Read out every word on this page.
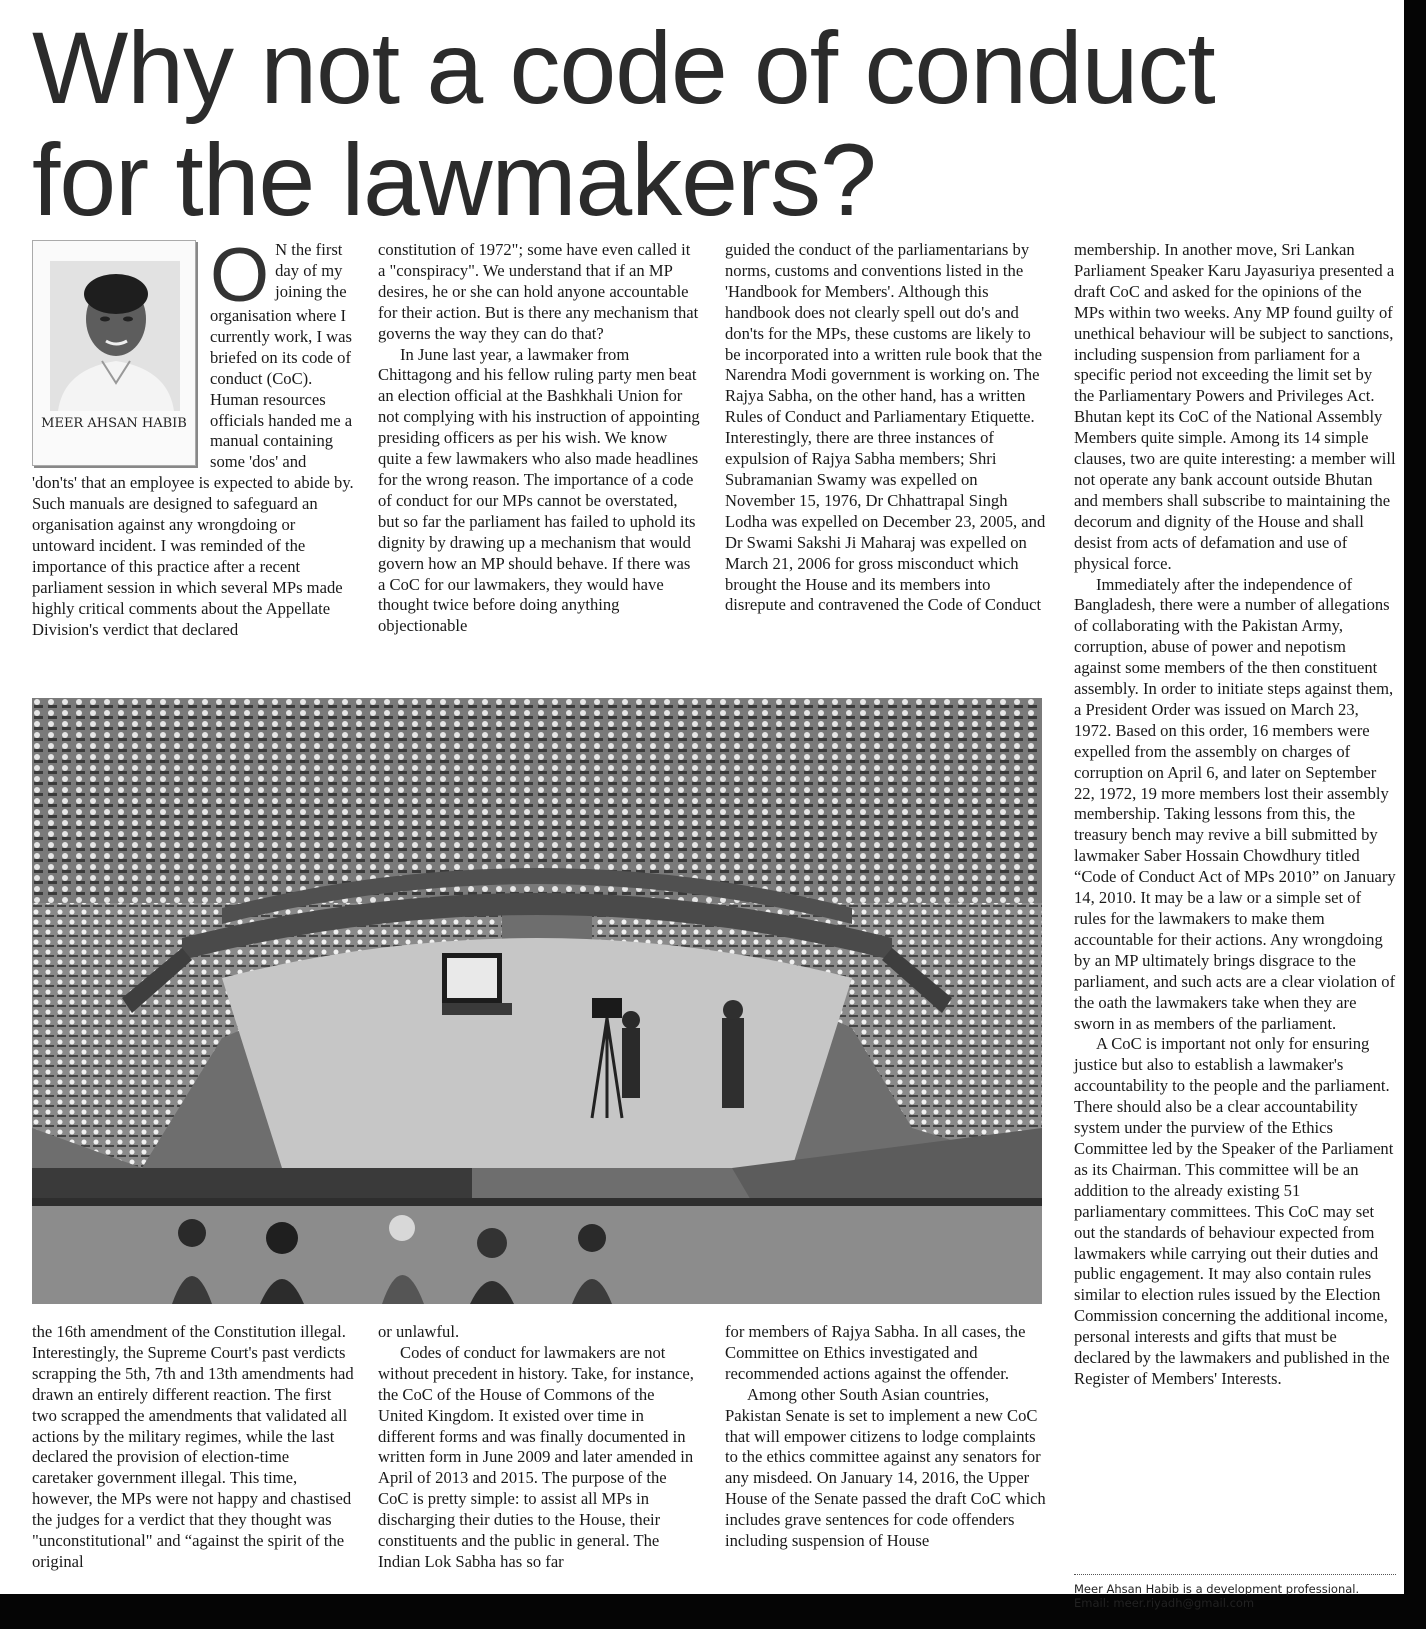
Why not a code of conduct for the lawmakers?
MEER AHSAN HABIB
O N the first day of my joining the organisation where I currently work, I was briefed on its code of conduct (CoC). Human resources officials handed me a manual containing some 'dos' and 'don'ts' that an employee is expected to abide by. Such manuals are designed to safeguard an organisation against any wrongdoing or untoward incident. I was reminded of the importance of this practice after a recent parliament session in which several MPs made highly critical comments about the Appellate Division's verdict that declared

constitution of 1972"; some have even called it a "conspiracy". We understand that if an MP desires, he or she can hold anyone accountable for their action. But is there any mechanism that governs the way they can do that?

In June last year, a lawmaker from Chittagong and his fellow ruling party men beat an election official at the Bashkhali Union for not complying with his instruction of appointing presiding officers as per his wish. We know quite a few lawmakers who also made headlines for the wrong reason. The importance of a code of conduct for our MPs cannot be overstated, but so far the parliament has failed to uphold its dignity by drawing up a mechanism that would govern how an MP should behave. If there was a CoC for our lawmakers, they would have thought twice before doing anything objectionable

guided the conduct of the parliamentarians by norms, customs and conventions listed in the 'Handbook for Members'. Although this handbook does not clearly spell out do's and don'ts for the MPs, these customs are likely to be incorporated into a written rule book that the Narendra Modi government is working on. The Rajya Sabha, on the other hand, has a written Rules of Conduct and Parliamentary Etiquette. Interestingly, there are three instances of expulsion of Rajya Sabha members; Shri Subramanian Swamy was expelled on November 15, 1976, Dr Chhattrapal Singh Lodha was expelled on December 23, 2005, and Dr Swami Sakshi Ji Maharaj was expelled on March 21, 2006 for gross misconduct which brought the House and its members into disrepute and contravened the Code of Conduct

membership. In another move, Sri Lankan Parliament Speaker Karu Jayasuriya presented a draft CoC and asked for the opinions of the MPs within two weeks. Any MP found guilty of unethical behaviour will be subject to sanctions, including suspension from parliament for a specific period not exceeding the limit set by the Parliamentary Powers and Privileges Act. Bhutan kept its CoC of the National Assembly Members quite simple. Among its 14 simple clauses, two are quite interesting: a member will not operate any bank account outside Bhutan and members shall subscribe to maintaining the decorum and dignity of the House and shall desist from acts of defamation and use of physical force.

Immediately after the independence of Bangladesh, there were a number of allegations of collaborating with the Pakistan Army, corruption, abuse of power and nepotism against some members of the then constituent assembly. In order to initiate steps against them, a President Order was issued on March 23, 1972. Based on this order, 16 members were expelled from the assembly on charges of corruption on April 6, and later on September 22, 1972, 19 more members lost their assembly membership. Taking lessons from this, the treasury bench may revive a bill submitted by lawmaker Saber Hossain Chowdhury titled “Code of Conduct Act of MPs 2010” on January 14, 2010. It may be a law or a simple set of rules for the lawmakers to make them accountable for their actions. Any wrongdoing by an MP ultimately brings disgrace to the parliament, and such acts are a clear violation of the oath the lawmakers take when they are sworn in as members of the parliament.

A CoC is important not only for ensuring justice but also to establish a lawmaker's accountability to the people and the parliament. There should also be a clear accountability system under the purview of the Ethics Committee led by the Speaker of the Parliament as its Chairman. This committee will be an addition to the already existing 51 parliamentary committees. This CoC may set out the standards of behaviour expected from lawmakers while carrying out their duties and public engagement. It may also contain rules similar to election rules issued by the Election Commission concerning the additional income, personal interests and gifts that must be declared by the lawmakers and published in the Register of Members' Interests.

the 16th amendment of the Constitution illegal. Interestingly, the Supreme Court's past verdicts scrapping the 5th, 7th and 13th amendments had drawn an entirely different reaction. The first two scrapped the amendments that validated all actions by the military regimes, while the last declared the provision of election-time caretaker government illegal. This time, however, the MPs were not happy and chastised the judges for a verdict that they thought was "unconstitutional" and “against the spirit of the original

or unlawful.

Codes of conduct for lawmakers are not without precedent in history. Take, for instance, the CoC of the House of Commons of the United Kingdom. It existed over time in different forms and was finally documented in written form in June 2009 and later amended in April of 2013 and 2015. The purpose of the CoC is pretty simple: to assist all MPs in discharging their duties to the House, their constituents and the public in general. The Indian Lok Sabha has so far

for members of Rajya Sabha. In all cases, the Committee on Ethics investigated and recommended actions against the offender.

Among other South Asian countries, Pakistan Senate is set to implement a new CoC that will empower citizens to lodge complaints to the ethics committee against any senators for any misdeed. On January 14, 2016, the Upper House of the Senate passed the draft CoC which includes grave sentences for code offenders including suspension of House

Meer Ahsan Habib is a development professional.
Email: meer.riyadh@gmail.com
